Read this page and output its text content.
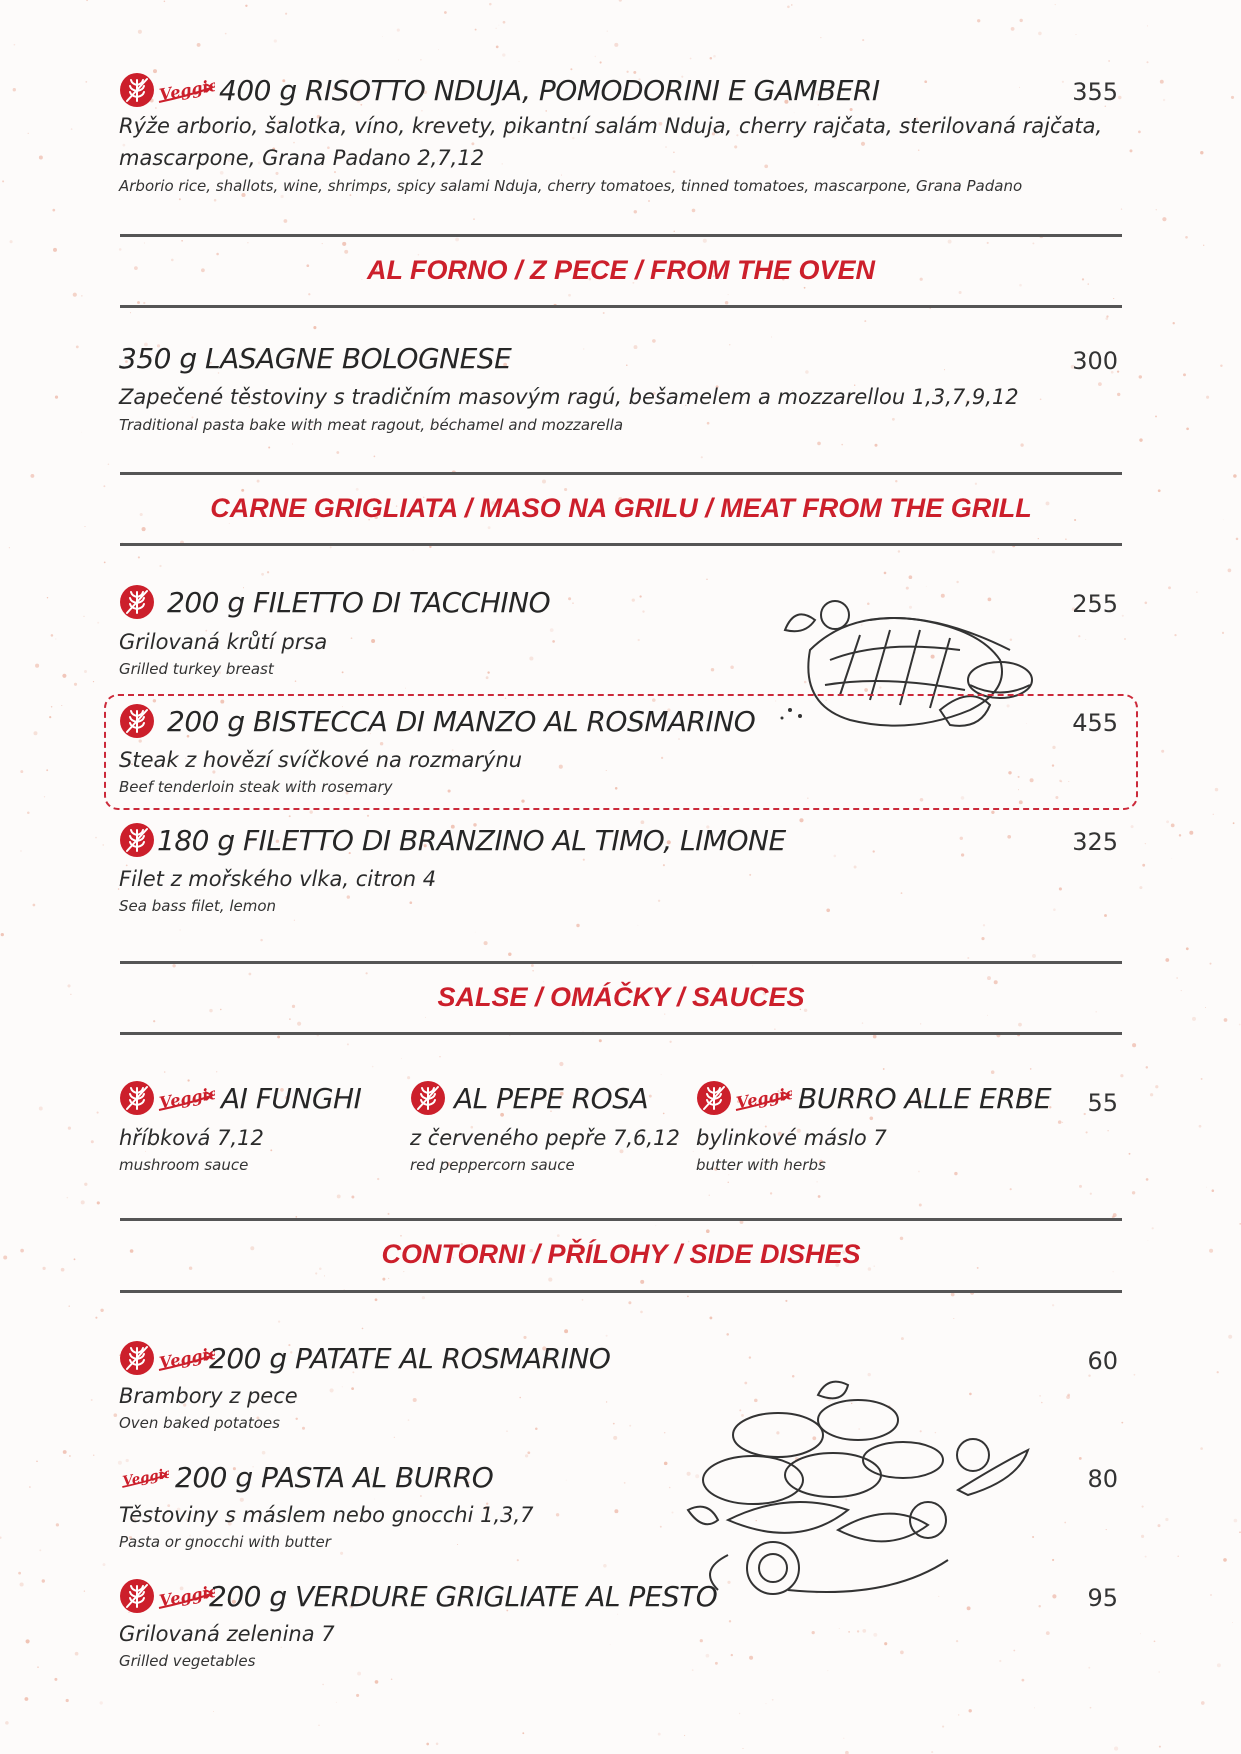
400 g RISOTTO NDUJA, POMODORINI E GAMBERI	355
Rýže arborio, šalotka, víno, krevety, pikantní salám Nduja, cherry rajčata, sterilovaná rajčata,
mascarpone, Grana Padano 2,7,12
Arborio rice, shallots, wine, shrimps, spicy salami Nduja, cherry tomatoes, tinned tomatoes, mascarpone, Grana Padano
AL FORNO / Z PECE / FROM THE OVEN
350 g LASAGNE BOLOGNESE	300
Zapečené těstoviny s tradičním masovým ragú, bešamelem a mozzarellou 1,3,7,9,12
Traditional pasta bake with meat ragout, béchamel and mozzarella
CARNE GRIGLIATA / MASO NA GRILU / MEAT FROM THE GRILL
200 g FILETTO DI TACCHINO	255
Grilovaná krůtí prsa
Grilled turkey breast
200 g BISTECCA DI MANZO AL ROSMARINO	455
Steak z hovězí svíčkové na rozmarýnu
Beef tenderloin steak with rosemary
180 g FILETTO DI BRANZINO AL TIMO, LIMONE	325
Filet z mořského vlka, citron 4
Sea bass filet, lemon
SALSE / OMÁČKY / SAUCES
AI FUNGHI
hříbková 7,12
mushroom sauce
AL PEPE ROSA
z červeného pepře 7,6,12
red peppercorn sauce
BURRO ALLE ERBE
bylinkové máslo 7
butter with herbs
55
CONTORNI / PŘÍLOHY / SIDE DISHES
200 g PATATE AL ROSMARINO	60
Brambory z pece
Oven baked potatoes
200 g PASTA AL BURRO	80
Těstoviny s máslem nebo gnocchi 1,3,7
Pasta or gnocchi with butter
200 g VERDURE GRIGLIATE AL PESTO	95
Grilovaná zelenina 7
Grilled vegetables
